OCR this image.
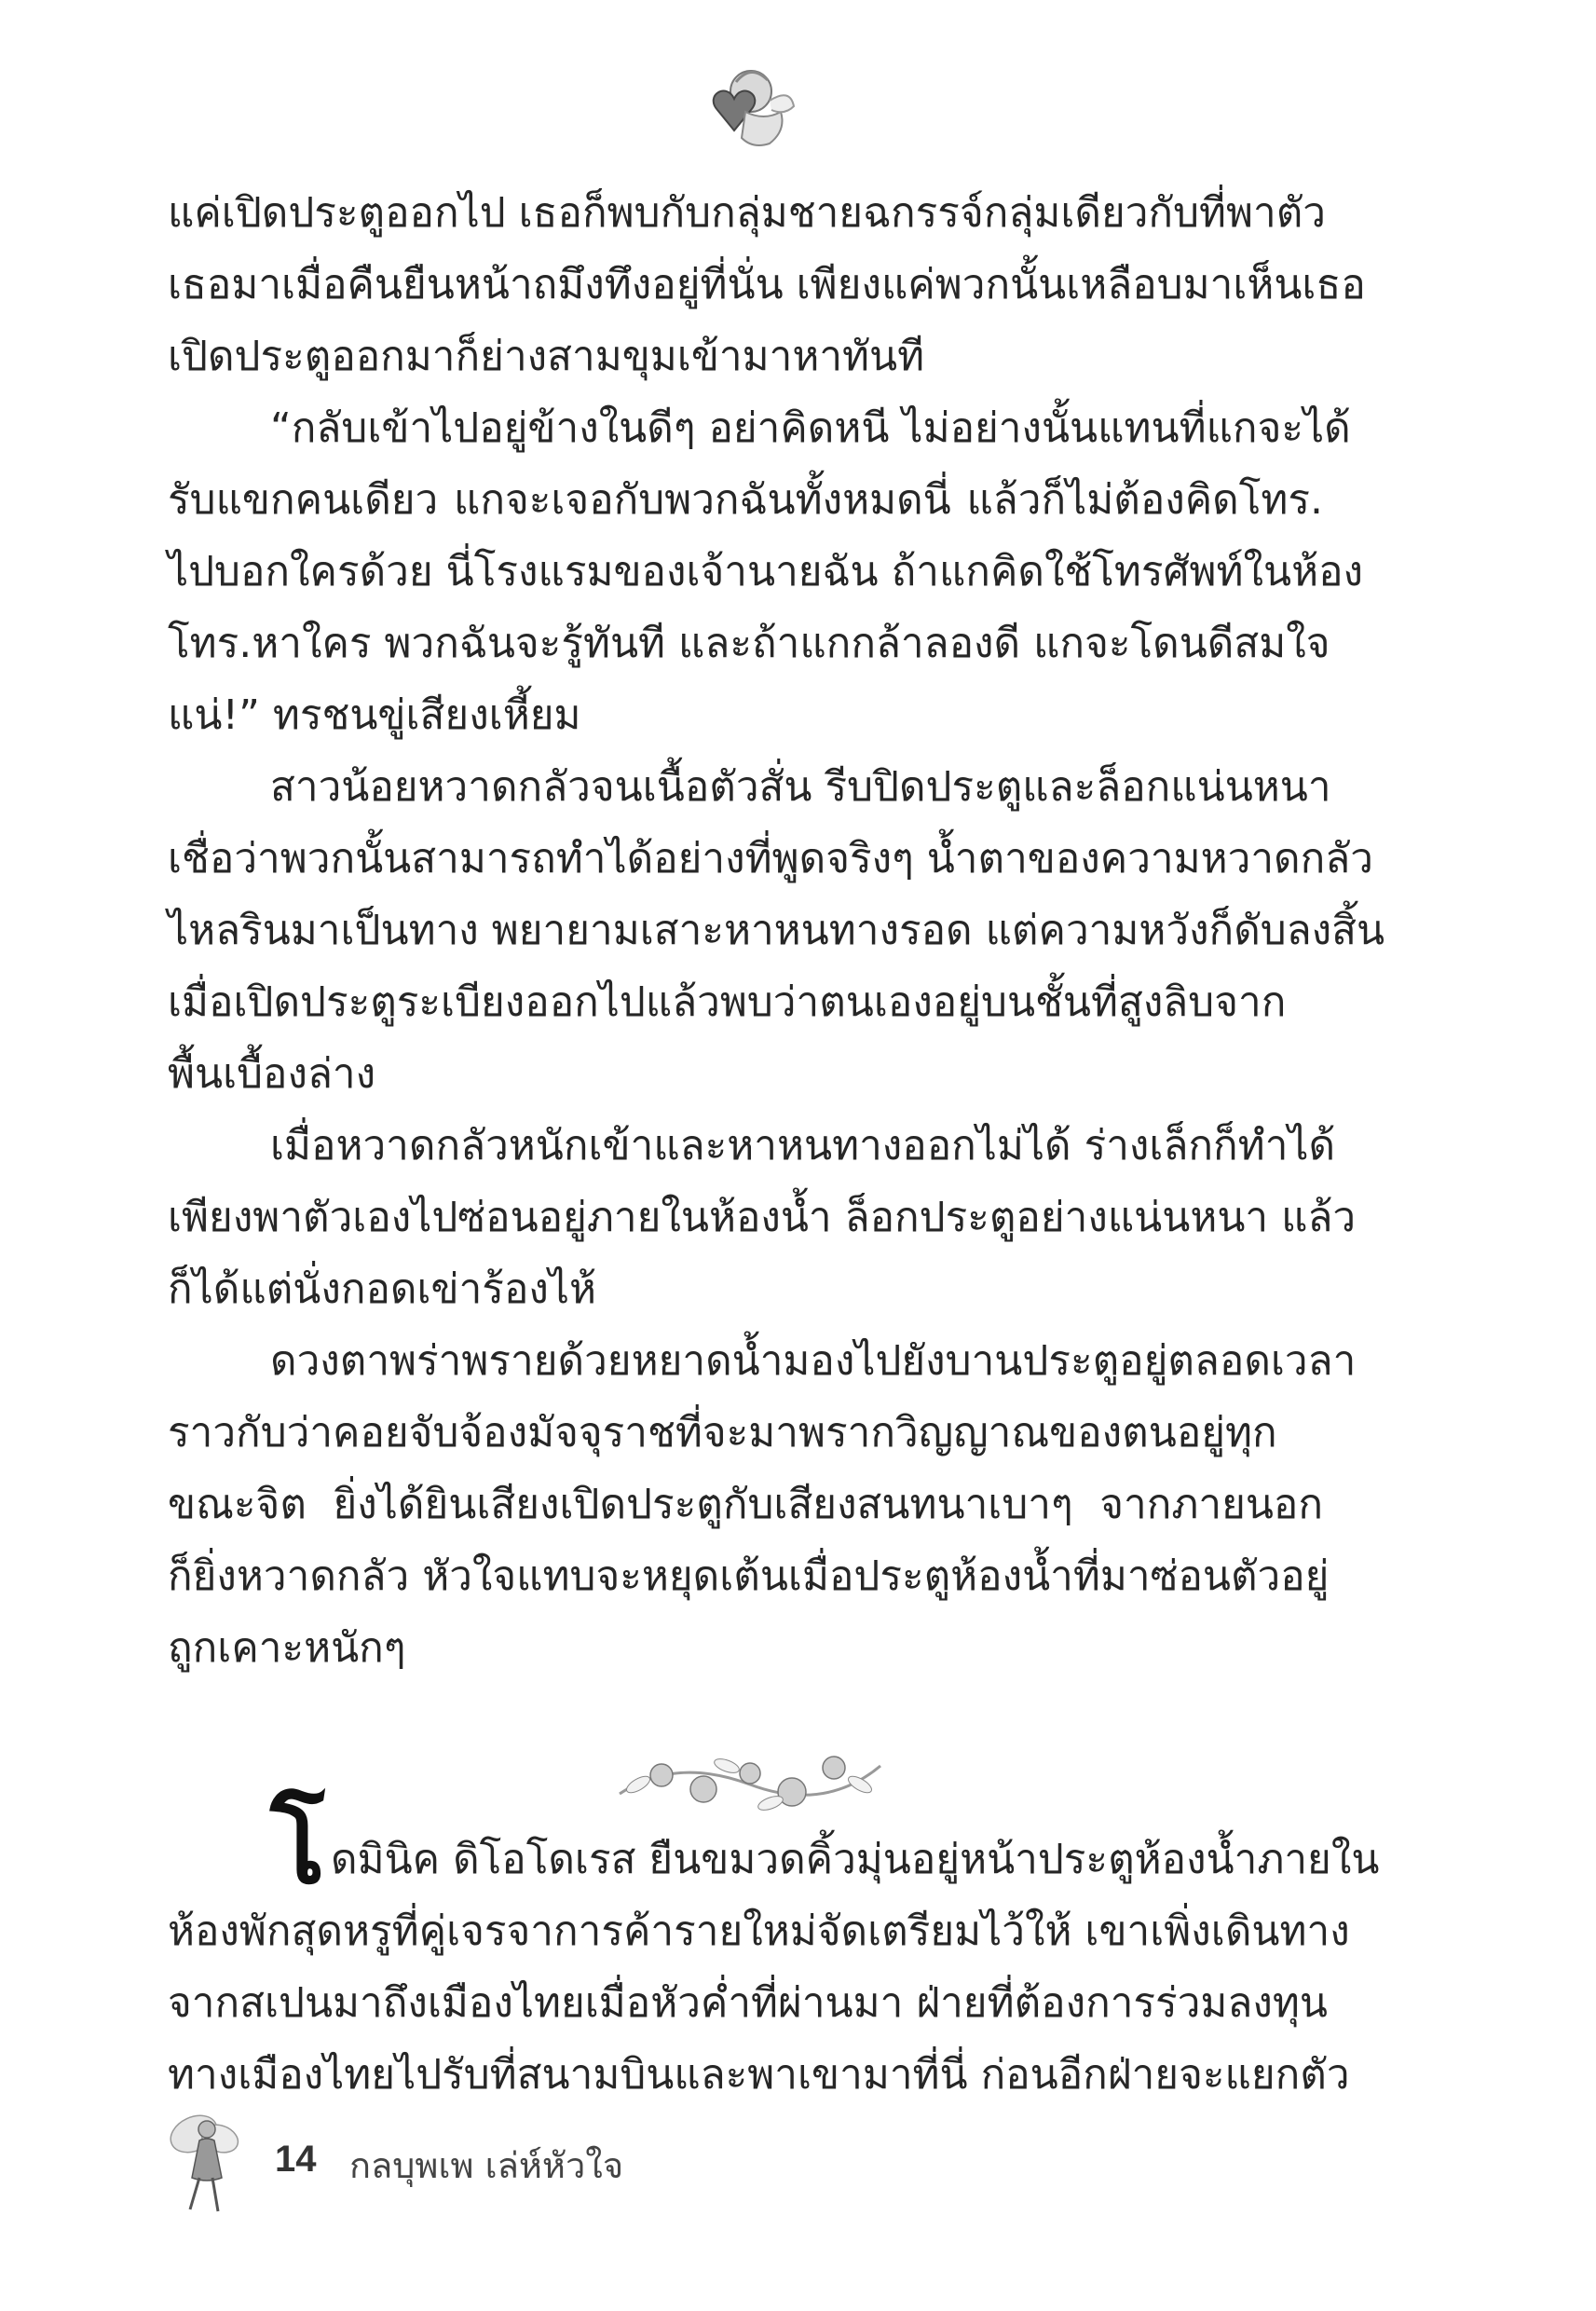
แค่เปิดประตูออกไป เธอก็พบกับกลุ่มชายฉกรรจ์กลุ่มเดียวกับที่พาตัว
เธอมาเมื่อคืนยืนหน้าถมึงทึงอยู่ที่นั่น เพียงแค่พวกนั้นเหลือบมาเห็นเธอ
เปิดประตูออกมาก็ย่างสามขุมเข้ามาหาทันที
“กลับเข้าไปอยู่ข้างในดีๆ อย่าคิดหนี ไม่อย่างนั้นแทนที่แกจะได้
รับแขกคนเดียว แกจะเจอกับพวกฉันทั้งหมดนี่ แล้วก็ไม่ต้องคิดโทร.
ไปบอกใครด้วย นี่โรงแรมของเจ้านายฉัน ถ้าแกคิดใช้โทรศัพท์ในห้อง
โทร.หาใคร พวกฉันจะรู้ทันที และถ้าแกกล้าลองดี แกจะโดนดีสมใจ
แน่!” ทรชนขู่เสียงเหี้ยม
สาวน้อยหวาดกลัวจนเนื้อตัวสั่น รีบปิดประตูและล็อกแน่นหนา
เชื่อว่าพวกนั้นสามารถทำได้อย่างที่พูดจริงๆ น้ำตาของความหวาดกลัว
ไหลรินมาเป็นทาง พยายามเสาะหาหนทางรอด แต่ความหวังก็ดับลงสิ้น
เมื่อเปิดประตูระเบียงออกไปแล้วพบว่าตนเองอยู่บนชั้นที่สูงลิบจาก
พื้นเบื้องล่าง
เมื่อหวาดกลัวหนักเข้าและหาหนทางออกไม่ได้ ร่างเล็กก็ทำได้
เพียงพาตัวเองไปซ่อนอยู่ภายในห้องน้ำ ล็อกประตูอย่างแน่นหนา แล้ว
ก็ได้แต่นั่งกอดเข่าร้องไห้
ดวงตาพร่าพรายด้วยหยาดน้ำมองไปยังบานประตูอยู่ตลอดเวลา
ราวกับว่าคอยจับจ้องมัจจุราชที่จะมาพรากวิญญาณของตนอยู่ทุก
ขณะจิต ยิ่งได้ยินเสียงเปิดประตูกับเสียงสนทนาเบาๆ จากภายนอก
ก็ยิ่งหวาดกลัว หัวใจแทบจะหยุดเต้นเมื่อประตูห้องน้ำที่มาซ่อนตัวอยู่
ถูกเคาะหนักๆ
โ ดมินิค ดิโอโดเรส ยืนขมวดคิ้วมุ่นอยู่หน้าประตูห้องน้ำภายใน
ห้องพักสุดหรูที่คู่เจรจาการค้ารายใหม่จัดเตรียมไว้ให้ เขาเพิ่งเดินทาง
จากสเปนมาถึงเมืองไทยเมื่อหัวค่ำที่ผ่านมา ฝ่ายที่ต้องการร่วมลงทุน
ทางเมืองไทยไปรับที่สนามบินและพาเขามาที่นี่ ก่อนอีกฝ่ายจะแยกตัว
14 กลบุพเพ เล่ห์หัวใจ
